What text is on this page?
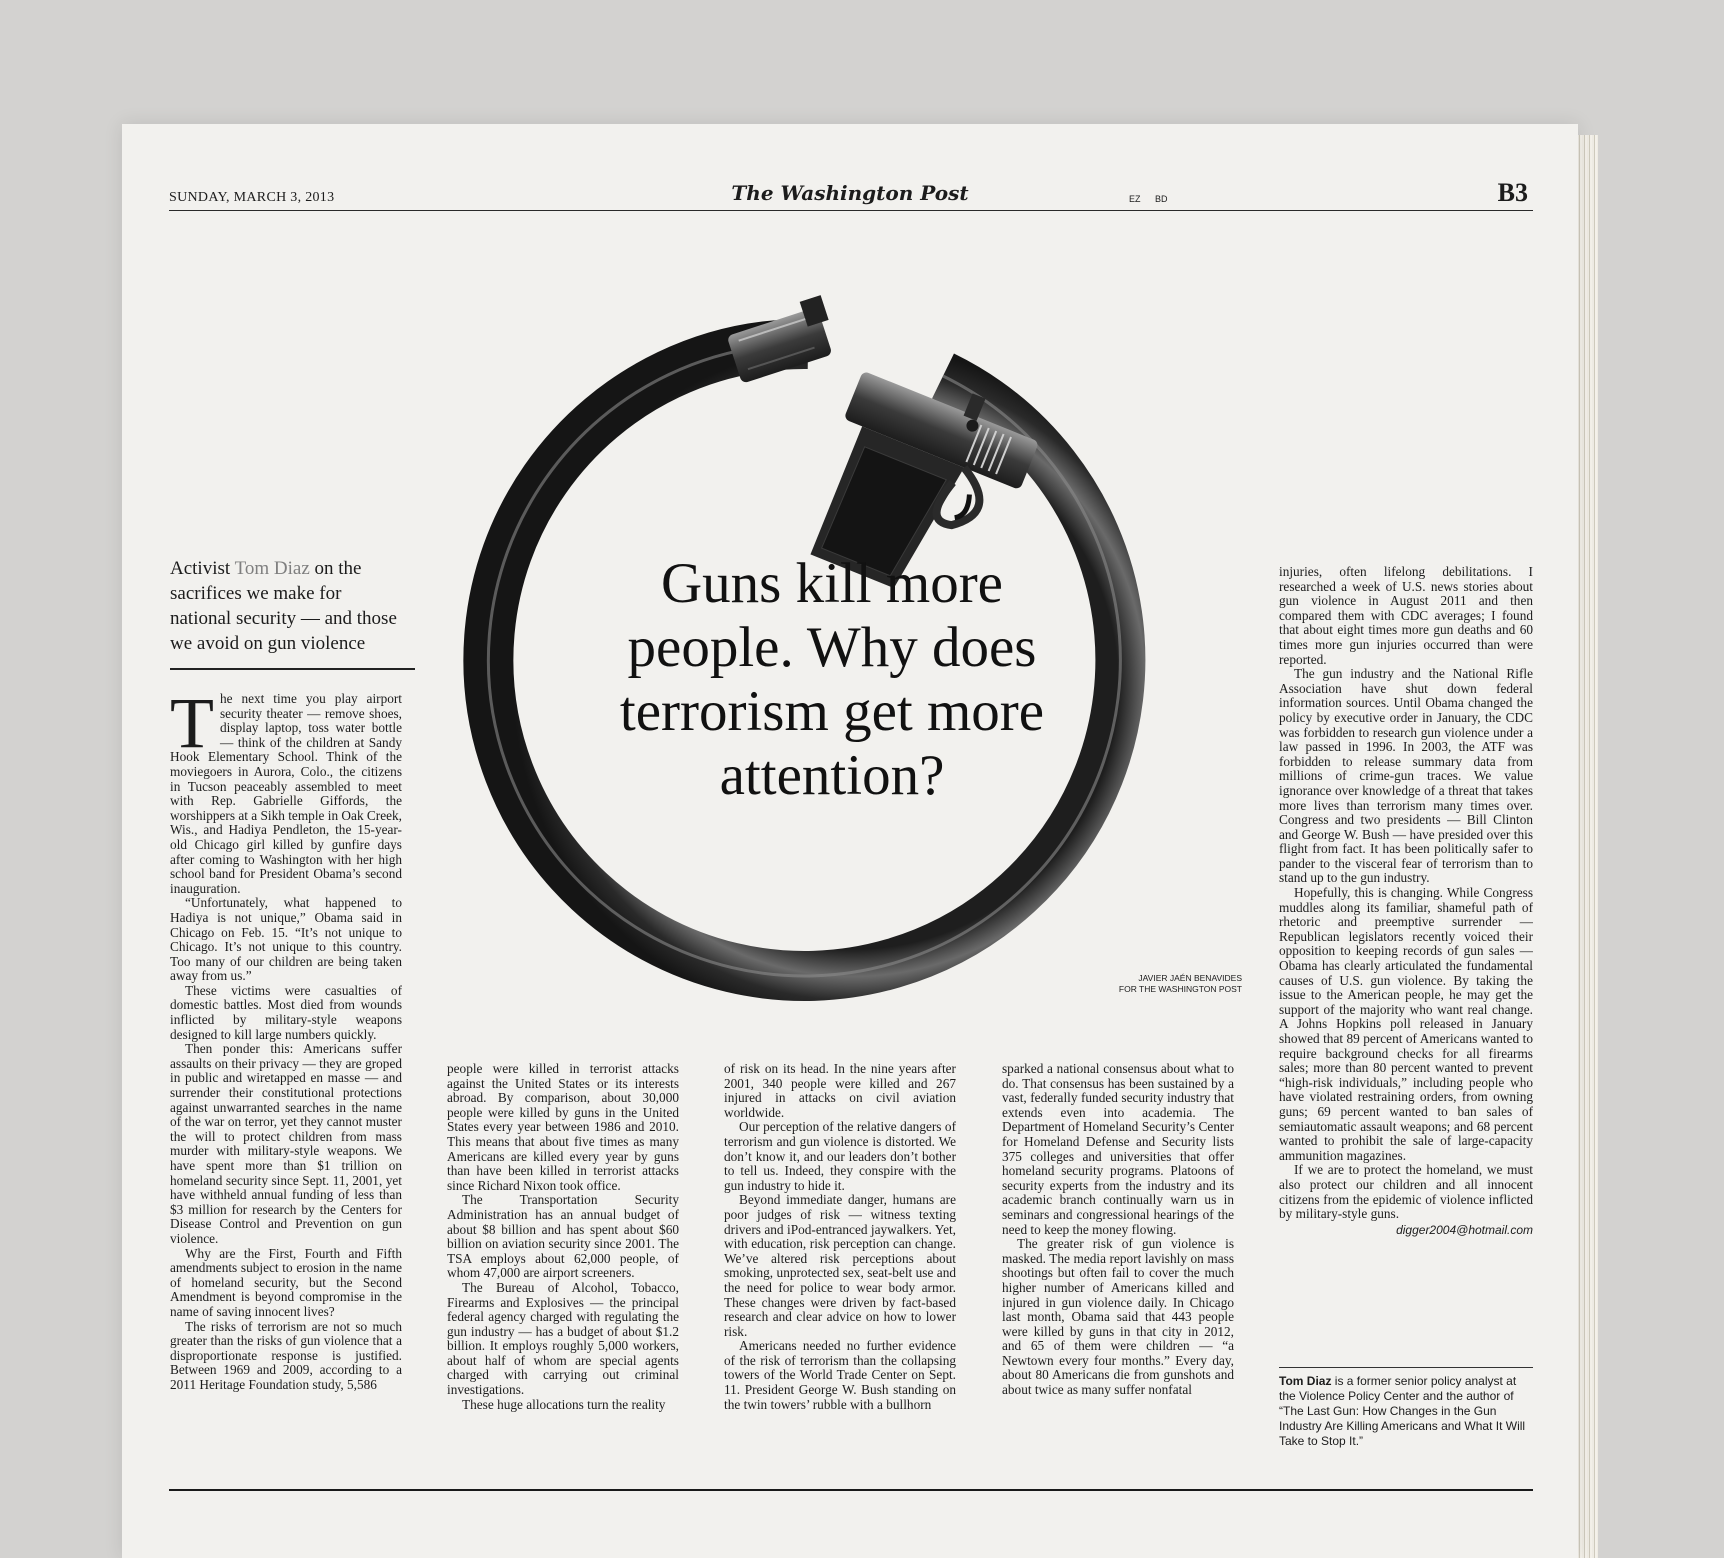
SUNDAY, MARCH 3, 2013	The Washington Post	EZ BD	B3
Guns kill more people. Why does terrorism get more attention?
JAVIER JAÉN BENAVIDES
FOR THE WASHINGTON POST
Activist Tom Diaz on the sacrifices we make for national security — and those we avoid on gun violence

The next time you play airport security theater — remove shoes, display laptop, toss water bottle — think of the children at Sandy Hook Elementary School. Think of the moviegoers in Aurora, Colo., the citizens in Tucson peaceably assembled to meet with Rep. Gabrielle Giffords, the worshippers at a Sikh temple in Oak Creek, Wis., and Hadiya Pendleton, the 15-year-old Chicago girl killed by gunfire days after coming to Washington with her high school band for President Obama’s second inauguration.

“Unfortunately, what happened to Hadiya is not unique,” Obama said in Chicago on Feb. 15. “It’s not unique to Chicago. It’s not unique to this country. Too many of our children are being taken away from us.”

These victims were casualties of domestic battles. Most died from wounds inflicted by military-style weapons designed to kill large numbers quickly.

Then ponder this: Americans suffer assaults on their privacy — they are groped in public and wiretapped en masse — and surrender their constitutional protections against unwarranted searches in the name of the war on terror, yet they cannot muster the will to protect children from mass murder with military-style weapons. We have spent more than $1 trillion on homeland security since Sept. 11, 2001, yet have withheld annual funding of less than $3 million for research by the Centers for Disease Control and Prevention on gun violence.

Why are the First, Fourth and Fifth amendments subject to erosion in the name of homeland security, but the Second Amendment is beyond compromise in the name of saving innocent lives?

The risks of terrorism are not so much greater than the risks of gun violence that a disproportionate response is justified. Between 1969 and 2009, according to a 2011 Heritage Foundation study, 5,586

people were killed in terrorist attacks against the United States or its interests abroad. By comparison, about 30,000 people were killed by guns in the United States every year between 1986 and 2010. This means that about five times as many Americans are killed every year by guns than have been killed in terrorist attacks since Richard Nixon took office.

The Transportation Security Administration has an annual budget of about $8 billion and has spent about $60 billion on aviation security since 2001. The TSA employs about 62,000 people, of whom 47,000 are airport screeners.

The Bureau of Alcohol, Tobacco, Firearms and Explosives — the principal federal agency charged with regulating the gun industry — has a budget of about $1.2 billion. It employs roughly 5,000 workers, about half of whom are special agents charged with carrying out criminal investigations.

These huge allocations turn the reality

of risk on its head. In the nine years after 2001, 340 people were killed and 267 injured in attacks on civil aviation worldwide.

Our perception of the relative dangers of terrorism and gun violence is distorted. We don’t know it, and our leaders don’t bother to tell us. Indeed, they conspire with the gun industry to hide it.

Beyond immediate danger, humans are poor judges of risk — witness texting drivers and iPod-entranced jaywalkers. Yet, with education, risk perception can change. We’ve altered risk perceptions about smoking, unprotected sex, seat-belt use and the need for police to wear body armor. These changes were driven by fact-based research and clear advice on how to lower risk.

Americans needed no further evidence of the risk of terrorism than the collapsing towers of the World Trade Center on Sept. 11. President George W. Bush standing on the twin towers’ rubble with a bullhorn

sparked a national consensus about what to do. That consensus has been sustained by a vast, federally funded security industry that extends even into academia. The Department of Homeland Security’s Center for Homeland Defense and Security lists 375 colleges and universities that offer homeland security programs. Platoons of security experts from the industry and its academic branch continually warn us in seminars and congressional hearings of the need to keep the money flowing.

The greater risk of gun violence is masked. The media report lavishly on mass shootings but often fail to cover the much higher number of Americans killed and injured in gun violence daily. In Chicago last month, Obama said that 443 people were killed by guns in that city in 2012, and 65 of them were children — “a Newtown every four months.” Every day, about 80 Americans die from gunshots and about twice as many suffer nonfatal

injuries, often lifelong debilitations. I researched a week of U.S. news stories about gun violence in August 2011 and then compared them with CDC averages; I found that about eight times more gun deaths and 60 times more gun injuries occurred than were reported.

The gun industry and the National Rifle Association have shut down federal information sources. Until Obama changed the policy by executive order in January, the CDC was forbidden to research gun violence under a law passed in 1996. In 2003, the ATF was forbidden to release summary data from millions of crime-gun traces. We value ignorance over knowledge of a threat that takes more lives than terrorism many times over. Congress and two presidents — Bill Clinton and George W. Bush — have presided over this flight from fact. It has been politically safer to pander to the visceral fear of terrorism than to stand up to the gun industry.

Hopefully, this is changing. While Congress muddles along its familiar, shameful path of rhetoric and preemptive surrender — Republican legislators recently voiced their opposition to keeping records of gun sales — Obama has clearly articulated the fundamental causes of U.S. gun violence. By taking the issue to the American people, he may get the support of the majority who want real change. A Johns Hopkins poll released in January showed that 89 percent of Americans wanted to require background checks for all firearms sales; more than 80 percent wanted to prevent “high-risk individuals,” including people who have violated restraining orders, from owning guns; 69 percent wanted to ban sales of semiautomatic assault weapons; and 68 percent wanted to prohibit the sale of large-capacity ammunition magazines.

If we are to protect the homeland, we must also protect our children and all innocent citizens from the epidemic of violence inflicted by military-style guns.

digger2004@hotmail.com
Tom Diaz is a former senior policy analyst at the Violence Policy Center and the author of “The Last Gun: How Changes in the Gun Industry Are Killing Americans and What It Will Take to Stop It.”
